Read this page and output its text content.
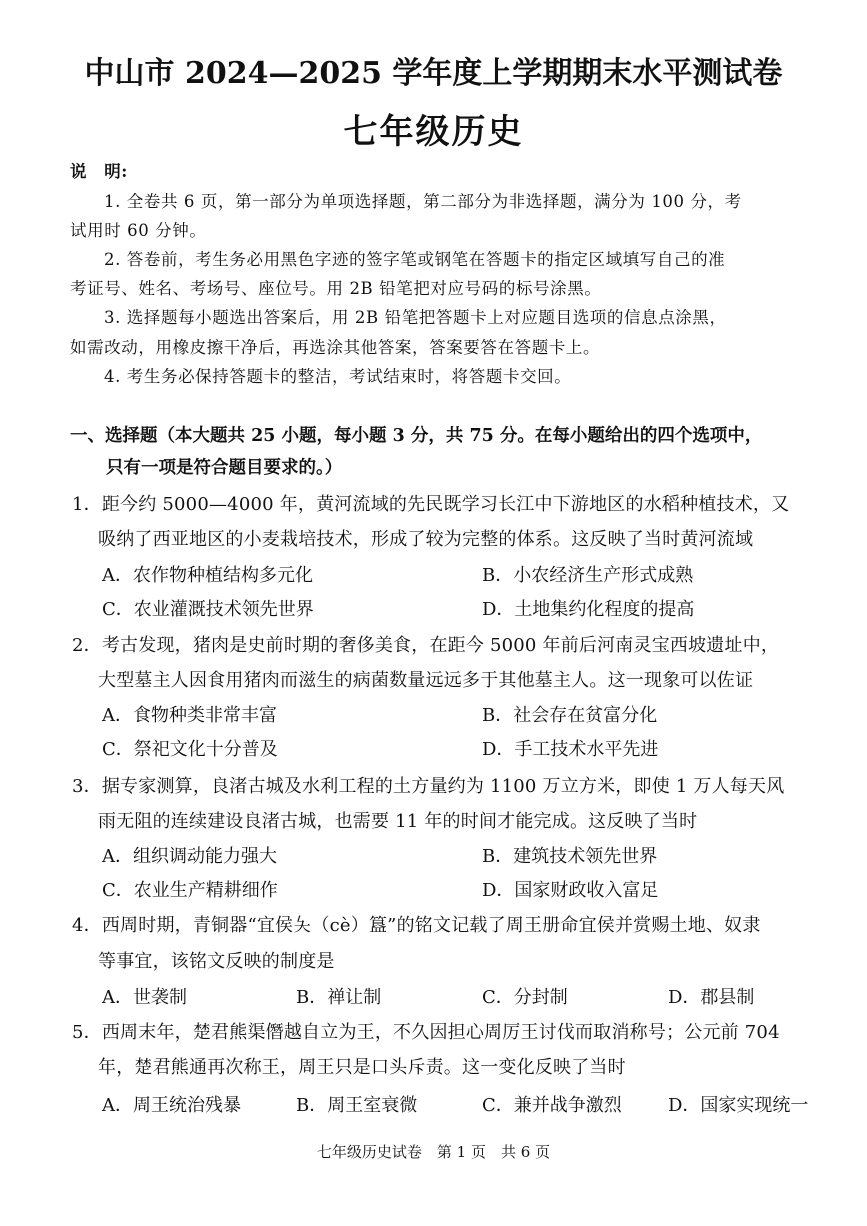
中山市 2024—2025 学年度上学期期末水平测试卷
七年级历史
说　明:
1. 全卷共 6 页，第一部分为单项选择题，第二部分为非选择题，满分为 100 分，考
试用时 60 分钟。
2. 答卷前，考生务必用黑色字迹的签字笔或钢笔在答题卡的指定区域填写自己的准
考证号、姓名、考场号、座位号。用 2B 铅笔把对应号码的标号涂黑。
3. 选择题每小题选出答案后，用 2B 铅笔把答题卡上对应题目选项的信息点涂黑，
如需改动，用橡皮擦干净后，再选涂其他答案，答案要答在答题卡上。
4. 考生务必保持答题卡的整洁，考试结束时，将答题卡交回。
一、选择题（本大题共 25 小题，每小题 3 分，共 75 分。在每小题给出的四个选项中，
只有一项是符合题目要求的。）
1．距今约 5000—4000 年，黄河流域的先民既学习长江中下游地区的水稻种植技术，又
吸纳了西亚地区的小麦栽培技术，形成了较为完整的体系。这反映了当时黄河流域
A．农作物种植结构多元化	B．小农经济生产形式成熟
C．农业灌溉技术领先世界	D．土地集约化程度的提高
2．考古发现，猪肉是史前时期的奢侈美食，在距今 5000 年前后河南灵宝西坡遗址中，
大型墓主人因食用猪肉而滋生的病菌数量远远多于其他墓主人。这一现象可以佐证
A．食物种类非常丰富	B．社会存在贫富分化
C．祭祀文化十分普及	D．手工技术水平先进
3．据专家测算，良渚古城及水利工程的土方量约为 1100 万立方米，即使 1 万人每天风
雨无阻的连续建设良渚古城，也需要 11 年的时间才能完成。这反映了当时
A．组织调动能力强大	B．建筑技术领先世界
C．农业生产精耕细作	D．国家财政收入富足
4．西周时期，青铜器“宜侯夨（cè）簋”的铭文记载了周王册命宜侯并赏赐土地、奴隶
等事宜，该铭文反映的制度是
A．世袭制	B．禅让制	C．分封制	D．郡县制
5．西周末年，楚君熊渠僭越自立为王，不久因担心周厉王讨伐而取消称号；公元前 704
年，楚君熊通再次称王，周王只是口头斥责。这一变化反映了当时
A．周王统治残暴	B．周王室衰微	C．兼并战争激烈	D．国家实现统一
七年级历史试卷　第 1 页　共 6 页
